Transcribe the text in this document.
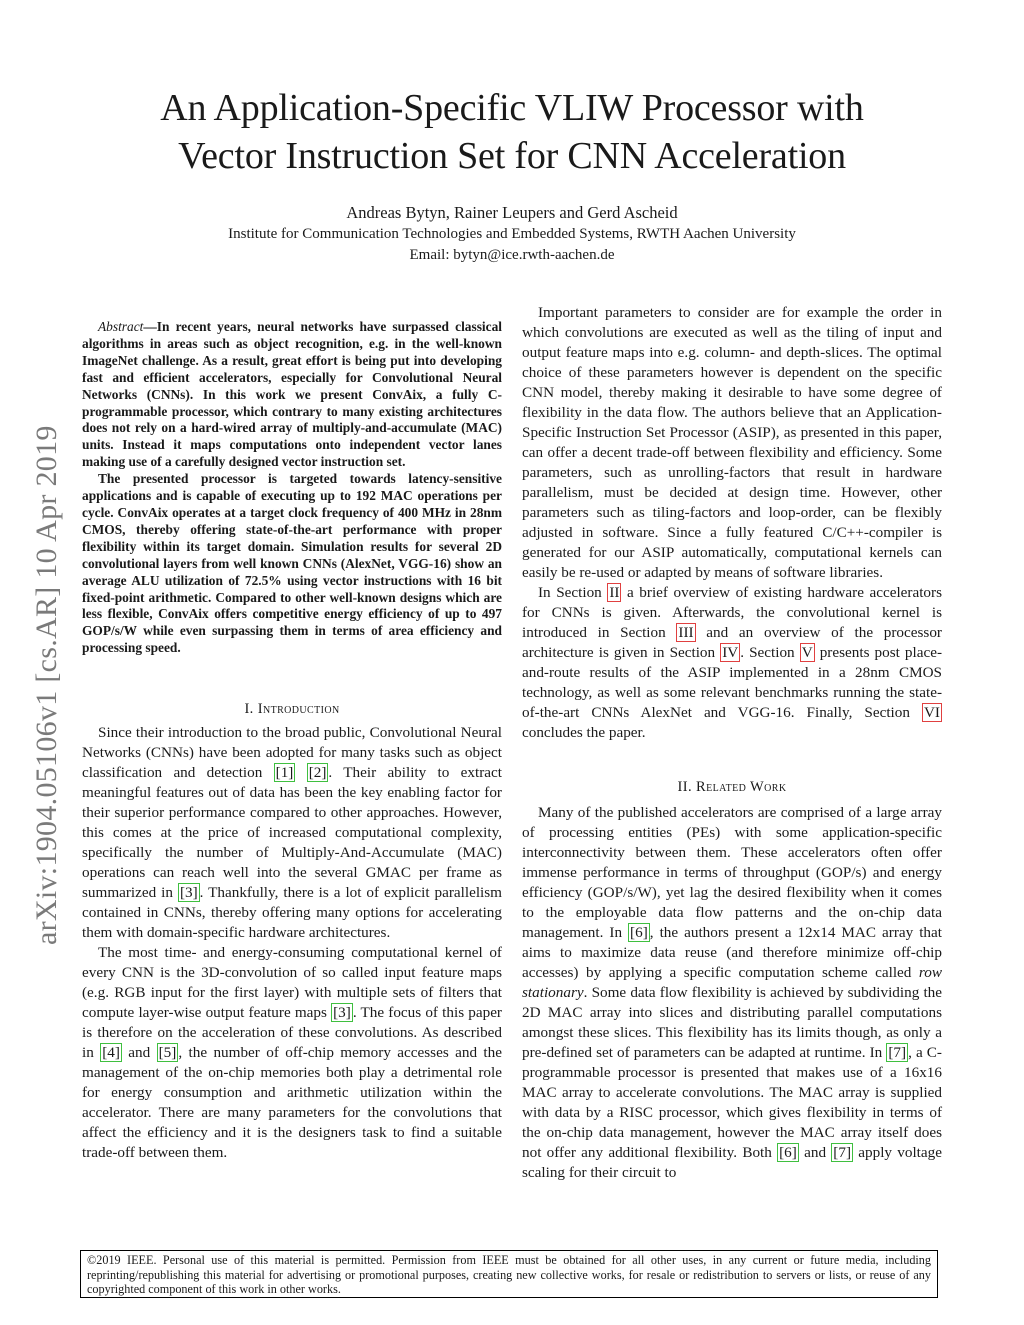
An Application-Specific VLIW Processor with
Vector Instruction Set for CNN Acceleration
Andreas Bytyn, Rainer Leupers and Gerd Ascheid
Institute for Communication Technologies and Embedded Systems, RWTH Aachen University
Email: bytyn@ice.rwth-aachen.de
arXiv:1904.05106v1 [cs.AR] 10 Apr 2019

Abstract—In recent years, neural networks have surpassed classical algorithms in areas such as object recognition, e.g. in the well-known ImageNet challenge. As a result, great effort is being put into developing fast and efficient accelerators, especially for Convolutional Neural Networks (CNNs). In this work we present ConvAix, a fully C-programmable processor, which contrary to many existing architectures does not rely on a hard-wired array of multiply-and-accumulate (MAC) units. Instead it maps computations onto independent vector lanes making use of a carefully designed vector instruction set.

The presented processor is targeted towards latency-sensitive applications and is capable of executing up to 192 MAC operations per cycle. ConvAix operates at a target clock frequency of 400 MHz in 28nm CMOS, thereby offering state-of-the-art performance with proper flexibility within its target domain. Simulation results for several 2D convolutional layers from well known CNNs (AlexNet, VGG-16) show an average ALU utilization of 72.5% using vector instructions with 16 bit fixed-point arithmetic. Compared to other well-known designs which are less flexible, ConvAix offers competitive energy efficiency of up to 497 GOP/s/W while even surpassing them in terms of area efficiency and processing speed.

I. Introduction

Since their introduction to the broad public, Convolutional Neural Networks (CNNs) have been adopted for many tasks such as object classification and detection [1] [2] . Their ability to extract meaningful features out of data has been the key enabling factor for their superior performance compared to other approaches. However, this comes at the price of increased computational complexity, specifically the number of Multiply-And-Accumulate (MAC) operations can reach well into the several GMAC per frame as summarized in [3] . Thankfully, there is a lot of explicit parallelism contained in CNNs, thereby offering many options for accelerating them with domain-specific hardware architectures.

The most time- and energy-consuming computational kernel of every CNN is the 3D-convolution of so called input feature maps (e.g. RGB input for the first layer) with multiple sets of filters that compute layer-wise output feature maps [3] . The focus of this paper is therefore on the acceleration of these convolutions. As described in [4] and [5] , the number of off-chip memory accesses and the management of the on-chip memories both play a detrimental role for energy consumption and arithmetic utilization within the accelerator. There are many parameters for the convolutions that affect the efficiency and it is the designers task to find a suitable trade-off between them.

Important parameters to consider are for example the order in which convolutions are executed as well as the tiling of input and output feature maps into e.g. column- and depth-slices. The optimal choice of these parameters however is dependent on the specific CNN model, thereby making it desirable to have some degree of flexibility in the data flow. The authors believe that an Application-Specific Instruction Set Processor (ASIP), as presented in this paper, can offer a decent trade-off between flexibility and efficiency. Some parameters, such as unrolling-factors that result in hardware parallelism, must be decided at design time. However, other parameters such as tiling-factors and loop-order, can be flexibly adjusted in software. Since a fully featured C/C++-compiler is generated for our ASIP automatically, computational kernels can easily be re-used or adapted by means of software libraries.

In Section II a brief overview of existing hardware accelerators for CNNs is given. Afterwards, the convolutional kernel is introduced in Section III and an overview of the processor architecture is given in Section IV . Section V presents post place-and-route results of the ASIP implemented in a 28nm CMOS technology, as well as some relevant benchmarks running the state-of-the-art CNNs AlexNet and VGG-16. Finally, Section VI concludes the paper.

II. Related Work

Many of the published accelerators are comprised of a large array of processing entities (PEs) with some application-specific interconnectivity between them. These accelerators often offer immense performance in terms of throughput (GOP/s) and energy efficiency (GOP/s/W), yet lag the desired flexibility when it comes to the employable data flow patterns and the on-chip data management. In [6] , the authors present a 12x14 MAC array that aims to maximize data reuse (and therefore minimize off-chip accesses) by applying a specific computation scheme called row stationary. Some data flow flexibility is achieved by subdividing the 2D MAC array into slices and distributing parallel computations amongst these slices. This flexibility has its limits though, as only a pre-defined set of parameters can be adapted at runtime. In [7] , a C-programmable processor is presented that makes use of a 16x16 MAC array to accelerate convolutions. The MAC array is supplied with data by a RISC processor, which gives flexibility in terms of the on-chip data management, however the MAC array itself does not offer any additional flexibility. Both [6] and [7] apply voltage scaling for their circuit to

©2019 IEEE. Personal use of this material is permitted. Permission from IEEE must be obtained for all other uses, in any current or future media, including reprinting/republishing this material for advertising or promotional purposes, creating new collective works, for resale or redistribution to servers or lists, or reuse of any copyrighted component of this work in other works.
